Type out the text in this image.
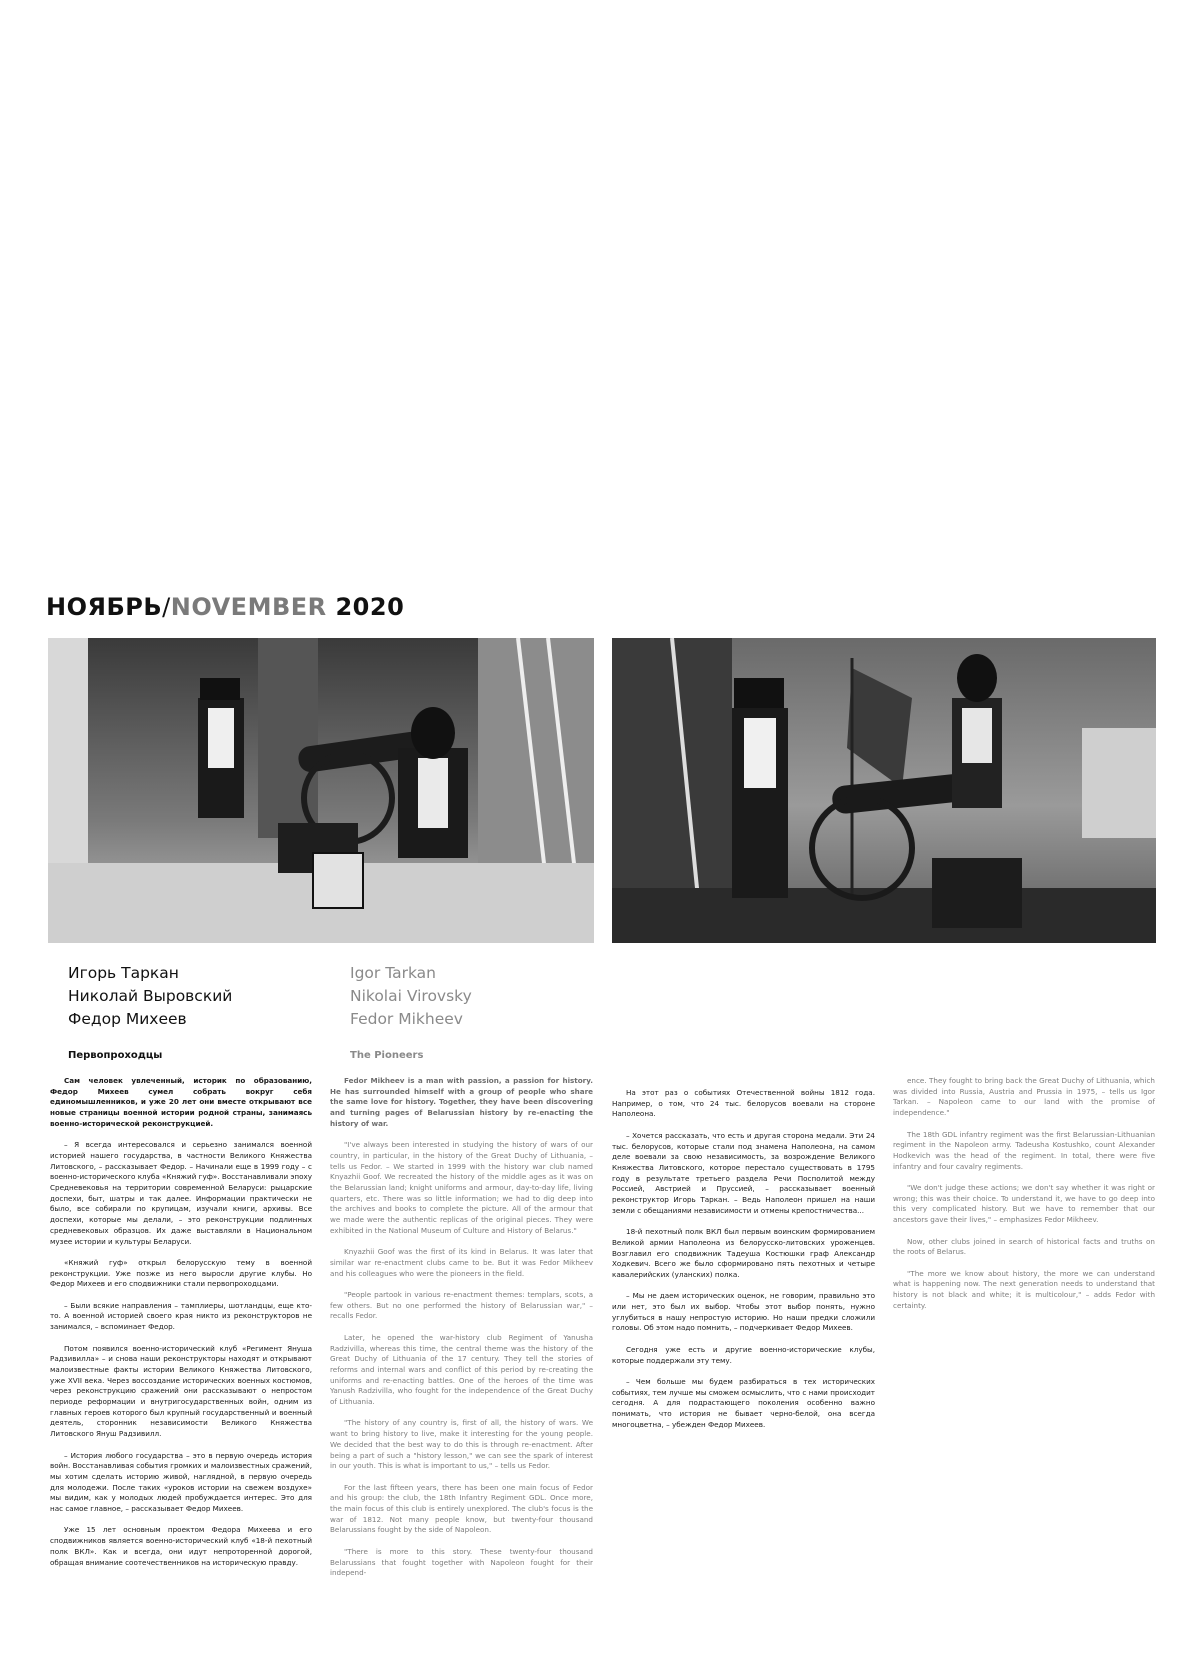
НОЯБРЬ/NOVEMBER 2020
Игорь Таркан
Николай Выровский
Федор Михеев
Igor Tarkan
Nikolai Virovsky
Fedor Mikheev
Первопроходцы	The Pioneers

Сам человек увлеченный, историк по образованию, Федор Михеев сумел собрать вокруг себя единомышленников, и уже 20 лет они вместе открывают все новые страницы военной истории родной страны, занимаясь военно-исторической реконструкцией.

– Я всегда интересовался и серьезно занимался военной историей нашего государства, в частности Великого Княжества Литовского, – рассказывает Федор. – Начинали еще в 1999 году – с военно-исторического клуба «Княжий гуф». Восстанавливали эпоху Средневековья на территории современной Беларуси: рыцарские доспехи, быт, шатры и так далее. Информации практически не было, все собирали по крупицам, изучали книги, архивы. Все доспехи, которые мы делали, – это реконструкции подлинных средневековых образцов. Их даже выставляли в Национальном музее истории и культуры Беларуси.

«Княжий гуф» открыл белорусскую тему в военной реконструкции. Уже позже из него выросли другие клубы. Но Федор Михеев и его сподвижники стали первопроходцами.

– Были всякие направления – тамплиеры, шотландцы, еще кто-то. А военной историей своего края никто из реконструкторов не занимался, – вспоминает Федор.

Потом появился военно-исторический клуб «Регимент Януша Радзивилла» – и снова наши реконструкторы находят и открывают малоизвестные факты истории Великого Княжества Литовского, уже XVII века. Через воссоздание исторических военных костюмов, через реконструкцию сражений они рассказывают о непростом периоде реформации и внутригосударственных войн, одним из главных героев которого был крупный государственный и военный деятель, сторонник независимости Великого Княжества Литовского Януш Радзивилл.

– История любого государства – это в первую очередь история войн. Восстанавливая события громких и малоизвестных сражений, мы хотим сделать историю живой, наглядной, в первую очередь для молодежи. После таких «уроков истории на свежем воздухе» мы видим, как у молодых людей пробуждается интерес. Это для нас самое главное, – рассказывает Федор Михеев.

Уже 15 лет основным проектом Федора Михеева и его сподвижников является военно-исторический клуб «18-й пехотный полк ВКЛ». Как и всегда, они идут непроторенной дорогой, обращая внимание соотечественников на историческую правду.

Fedor Mikheev is a man with passion, a passion for history. He has surrounded himself with a group of people who share the same love for history. Together, they have been discovering and turning pages of Belarussian history by re-enacting the history of war.

"I've always been interested in studying the history of wars of our country, in particular, in the history of the Great Duchy of Lithuania, – tells us Fedor. – We started in 1999 with the history war club named Knyazhii Goof. We recreated the history of the middle ages as it was on the Belarussian land; knight uniforms and armour, day-to-day life, living quarters, etc. There was so little information; we had to dig deep into the archives and books to complete the picture. All of the armour that we made were the authentic replicas of the original pieces. They were exhibited in the National Museum of Culture and History of Belarus."

Knyazhii Goof was the first of its kind in Belarus. It was later that similar war re-enactment clubs came to be. But it was Fedor Mikheev and his colleagues who were the pioneers in the field.

"People partook in various re-enactment themes: templars, scots, a few others. But no one performed the history of Belarussian war," – recalls Fedor.

Later, he opened the war-history club Regiment of Yanusha Radzivilla, whereas this time, the central theme was the history of the Great Duchy of Lithuania of the 17 century. They tell the stories of reforms and internal wars and conflict of this period by re-creating the uniforms and re-enacting battles. One of the heroes of the time was Yanush Radzivilla, who fought for the independence of the Great Duchy of Lithuania.

"The history of any country is, first of all, the history of wars. We want to bring history to live, make it interesting for the young people. We decided that the best way to do this is through re-enactment. After being a part of such a "history lesson," we can see the spark of interest in our youth. This is what is important to us," – tells us Fedor.

For the last fifteen years, there has been one main focus of Fedor and his group: the club, the 18th Infantry Regiment GDL. Once more, the main focus of this club is entirely unexplored. The club's focus is the war of 1812. Not many people know, but twenty-four thousand Belarussians fought by the side of Napoleon.

"There is more to this story. These twenty-four thousand Belarussians that fought together with Napoleon fought for their independ-

На этот раз о событиях Отечественной войны 1812 года. Например, о том, что 24 тыс. белорусов воевали на стороне Наполеона.

– Хочется рассказать, что есть и другая сторона медали. Эти 24 тыс. белорусов, которые стали под знамена Наполеона, на самом деле воевали за свою независимость, за возрождение Великого Княжества Литовского, которое перестало существовать в 1795 году в результате третьего раздела Речи Посполитой между Россией, Австрией и Пруссией, – рассказывает военный реконструктор Игорь Таркан. – Ведь Наполеон пришел на наши земли с обещаниями независимости и отмены крепостничества...

18-й пехотный полк ВКЛ был первым воинским формированием Великой армии Наполеона из белорусско-литовских уроженцев. Возглавил его сподвижник Тадеуша Костюшки граф Александр Ходкевич. Всего же было сформировано пять пехотных и четыре кавалерийских (уланских) полка.

– Мы не даем исторических оценок, не говорим, правильно это или нет, это был их выбор. Чтобы этот выбор понять, нужно углубиться в нашу непростую историю. Но наши предки сложили головы. Об этом надо помнить, – подчеркивает Федор Михеев.

Сегодня уже есть и другие военно-исторические клубы, которые поддержали эту тему.

– Чем больше мы будем разбираться в тех исторических событиях, тем лучше мы сможем осмыслить, что с нами происходит сегодня. А для подрастающего поколения особенно важно понимать, что история не бывает черно-белой, она всегда многоцветна, – убежден Федор Михеев.

ence. They fought to bring back the Great Duchy of Lithuania, which was divided into Russia, Austria and Prussia in 1975, – tells us Igor Tarkan. – Napoleon came to our land with the promise of independence."

The 18th GDL infantry regiment was the first Belarussian-Lithuanian regiment in the Napoleon army. Tadeusha Kostushko, count Alexander Hodkevich was the head of the regiment. In total, there were five infantry and four cavalry regiments.

"We don't judge these actions; we don't say whether it was right or wrong; this was their choice. To understand it, we have to go deep into this very complicated history. But we have to remember that our ancestors gave their lives," – emphasizes Fedor Mikheev.

Now, other clubs joined in search of historical facts and truths on the roots of Belarus.

"The more we know about history, the more we can understand what is happening now. The next generation needs to understand that history is not black and white; it is multicolour," – adds Fedor with certainty.
